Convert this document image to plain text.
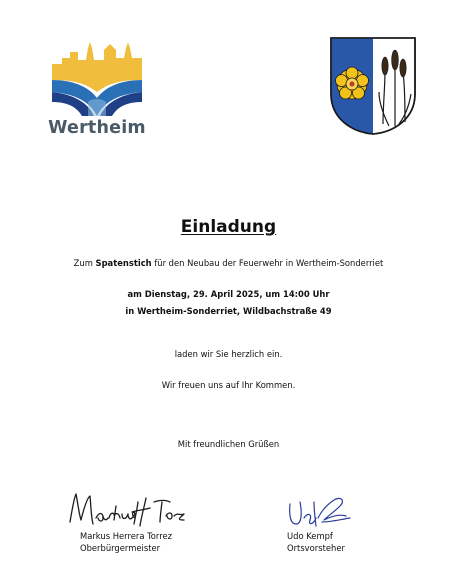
Wertheim
Einladung
Zum Spatenstich für den Neubau der Feuerwehr in Wertheim-Sonderriet
am Dienstag, 29. April 2025, um 14:00 Uhr
in Wertheim-Sonderriet, Wildbachstraße 49
laden wir Sie herzlich ein.
Wir freuen uns auf Ihr Kommen.
Mit freundlichen Grüßen
Markus Herrera Torrez
Oberbürgermeister
Udo Kempf
Ortsvorsteher
